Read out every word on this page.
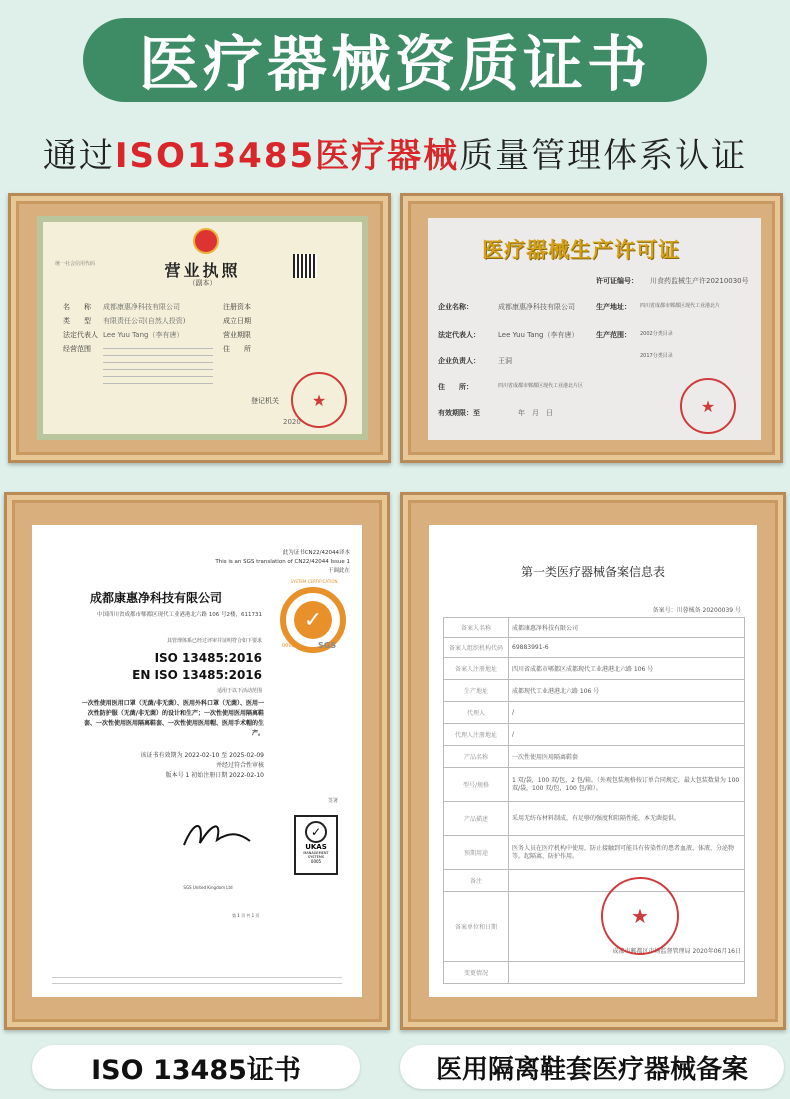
医疗器械资质证书
通过ISO13485医疗器械质量管理体系认证
营业执照
（副本）
统一社会信用代码
名　　称 成都康惠净科技有限公司
类　　型 有限责任公司(自然人投资)
法定代表人 Lee Yuu Tang（李有唐）
经营范围
注册资本
成立日期
营业期限
住　　所
登记机关
2020
★
医疗器械生产许可证
许可证编号： 川食药监械生产许20210030号
企业名称：	成都康惠净科技有限公司
法定代表人：	Lee Yuu Tang（李有唐）
企业负责人：	王洞
住　　所：	四川省成都市郫都区现代工业港北片区
有效期限：至	年　月　日
生产地址： 四川省成都市郫都区现代工业港北片
生产范围： 2002分类目录
2017分类目录
★
此为证书CN22/42044译本
This is an SGS translation of CN22/42044 Issue 1
干调此在
成都康惠净科技有限公司
中国四川省成都市郫都区现代工业港港北六路 106 号2楼，611731
其管理体系已经过评审并证明符合如下要求
ISO 13485:2016
EN ISO 13485:2016
适用于以下活动范围
一次性使用医用口罩（无菌/非无菌）、医用外科口罩（无菌）、医用一次性防护服（无菌/非无菌）的设计和生产；一次性使用医用隔离鞋套、一次性使用医用隔离鞋套、一次性使用医用帽、医用手术帽的生产。
该证书有效期为 2022-02-10 至 2025-02-09
并经过符合性审核
版本号 1 初始注册日期 2022-02-10
✓
SYSTEM CERTIFICATION
SGS
0005
签署
✓
UKAS
MANAGEMENT SYSTEMS
0005
SGS United Kingdom Ltd
第 1 页 共 1 页
第一类医疗器械备案信息表
备案号：川蓉械备 20200039 号
备案人名称	成都康惠净科技有限公司
备案人组织机构代码	69883991-6
备案人注册地址	四川省成都市郫都区成都现代工业港港北六路 106 号
生产地址	成都现代工业港港北六路 106 号
代理人	/
代理人注册地址	/
产品名称	一次性使用医用隔离鞋套
型号/规格	1 双/袋，100 双/包，2 包/箱。（外观包装规格按订单合同规定，最大包装数量为 100 双/袋，100 双/包，100 包/箱）。
产品描述	采用无纺布材料制成，有足够的强度和阻隔性能，本无菌提供。
预期用途	医务人员在医疗机构中使用，防止接触到可能具有传染性的患者血液、体液、分泌物等。起隔离、防护作用。
备注	
备案单位和日期	成都市郫都区市场监督管理局 2020年06月16日
变更情况	
★
ISO 13485证书	医用隔离鞋套医疗器械备案
